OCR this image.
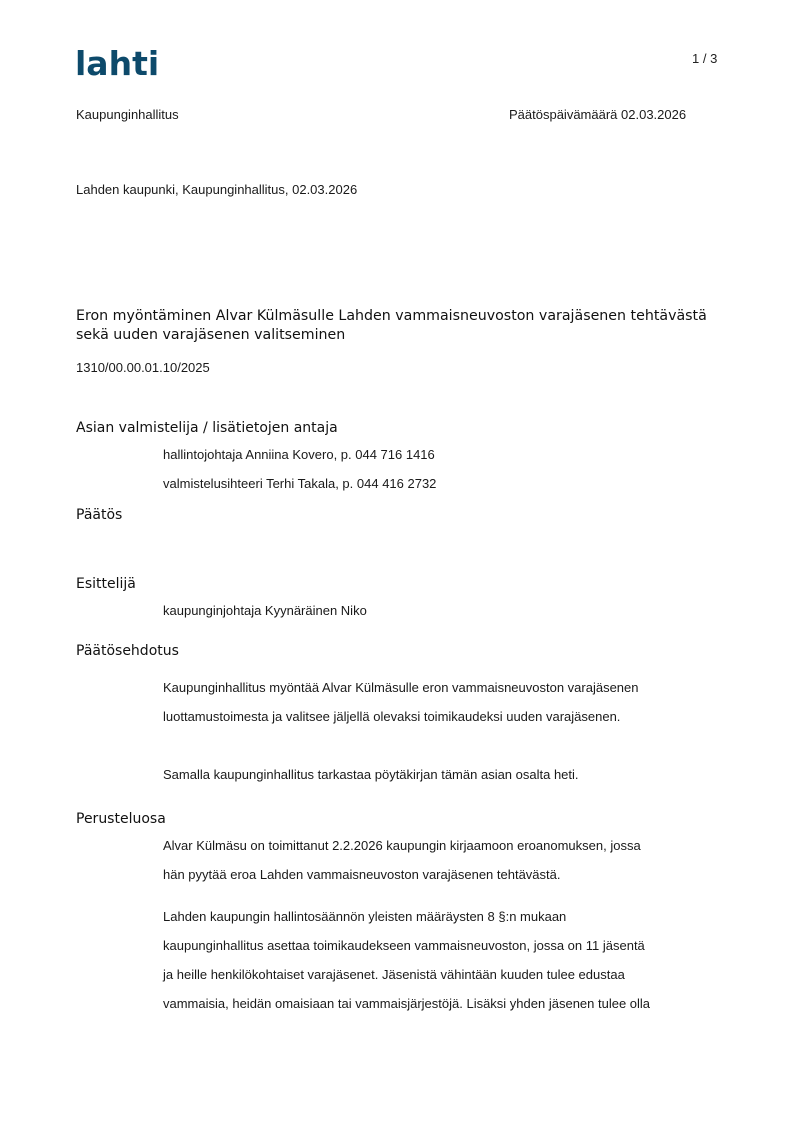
lahti	1 / 3
Kaupunginhallitus	Päätöspäivämäärä 02.03.2026
Lahden kaupunki, Kaupunginhallitus, 02.03.2026
Eron myöntäminen Alvar Külmäsulle Lahden vammaisneuvoston varajäsenen tehtävästä
sekä uuden varajäsenen valitseminen
1310/00.00.01.10/2025
Asian valmistelija / lisätietojen antaja
hallintojohtaja Anniina Kovero, p. 044 716 1416
valmistelusihteeri Terhi Takala, p. 044 416 2732
Päätös
Esittelijä
kaupunginjohtaja Kyynäräinen Niko
Päätösehdotus
Kaupunginhallitus myöntää Alvar Külmäsulle eron vammaisneuvoston varajäsenen
luottamustoimesta ja valitsee jäljellä olevaksi toimikaudeksi uuden varajäsenen.
Samalla kaupunginhallitus tarkastaa pöytäkirjan tämän asian osalta heti.
Perusteluosa
Alvar Külmäsu on toimittanut 2.2.2026 kaupungin kirjaamoon eroanomuksen, jossa
hän pyytää eroa Lahden vammaisneuvoston varajäsenen tehtävästä.
Lahden kaupungin hallintosäännön yleisten määräysten 8 §:n mukaan
kaupunginhallitus asettaa toimikaudekseen vammaisneuvoston, jossa on 11 jäsentä
ja heille henkilökohtaiset varajäsenet. Jäsenistä vähintään kuuden tulee edustaa
vammaisia, heidän omaisiaan tai vammaisjärjestöjä. Lisäksi yhden jäsenen tulee olla
